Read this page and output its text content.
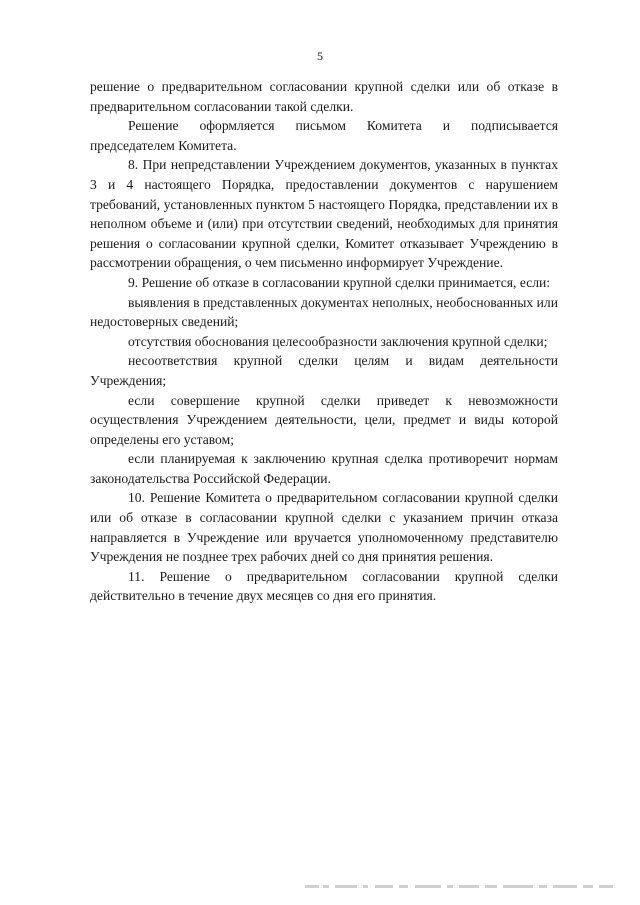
5

решение о предварительном согласовании крупной сделки или об отказе в предварительном согласовании такой сделки.

Решение оформляется письмом Комитета и подписывается председателем Комитета.

8. При непредставлении Учреждением документов, указанных в пунктах 3 и 4 настоящего Порядка, предоставлении документов с нарушением требований, установленных пунктом 5 настоящего Порядка, представлении их в неполном объеме и (или) при отсутствии сведений, необходимых для принятия решения о согласовании крупной сделки, Комитет отказывает Учреждению в рассмотрении обращения, о чем письменно информирует Учреждение.

9. Решение об отказе в согласовании крупной сделки принимается, если:

выявления в представленных документах неполных, необоснованных или недостоверных сведений;

отсутствия обоснования целесообразности заключения крупной сделки;

несоответствия крупной сделки целям и видам деятельности Учреждения;

если совершение крупной сделки приведет к невозможности осуществления Учреждением деятельности, цели, предмет и виды которой определены его уставом;

если планируемая к заключению крупная сделка противоречит нормам законодательства Российской Федерации.

10. Решение Комитета о предварительном согласовании крупной сделки или об отказе в согласовании крупной сделки с указанием причин отказа направляется в Учреждение или вручается уполномоченному представителю Учреждения не позднее трех рабочих дней со дня принятия решения.

11. Решение о предварительном согласовании крупной сделки действительно в течение двух месяцев со дня его принятия.
